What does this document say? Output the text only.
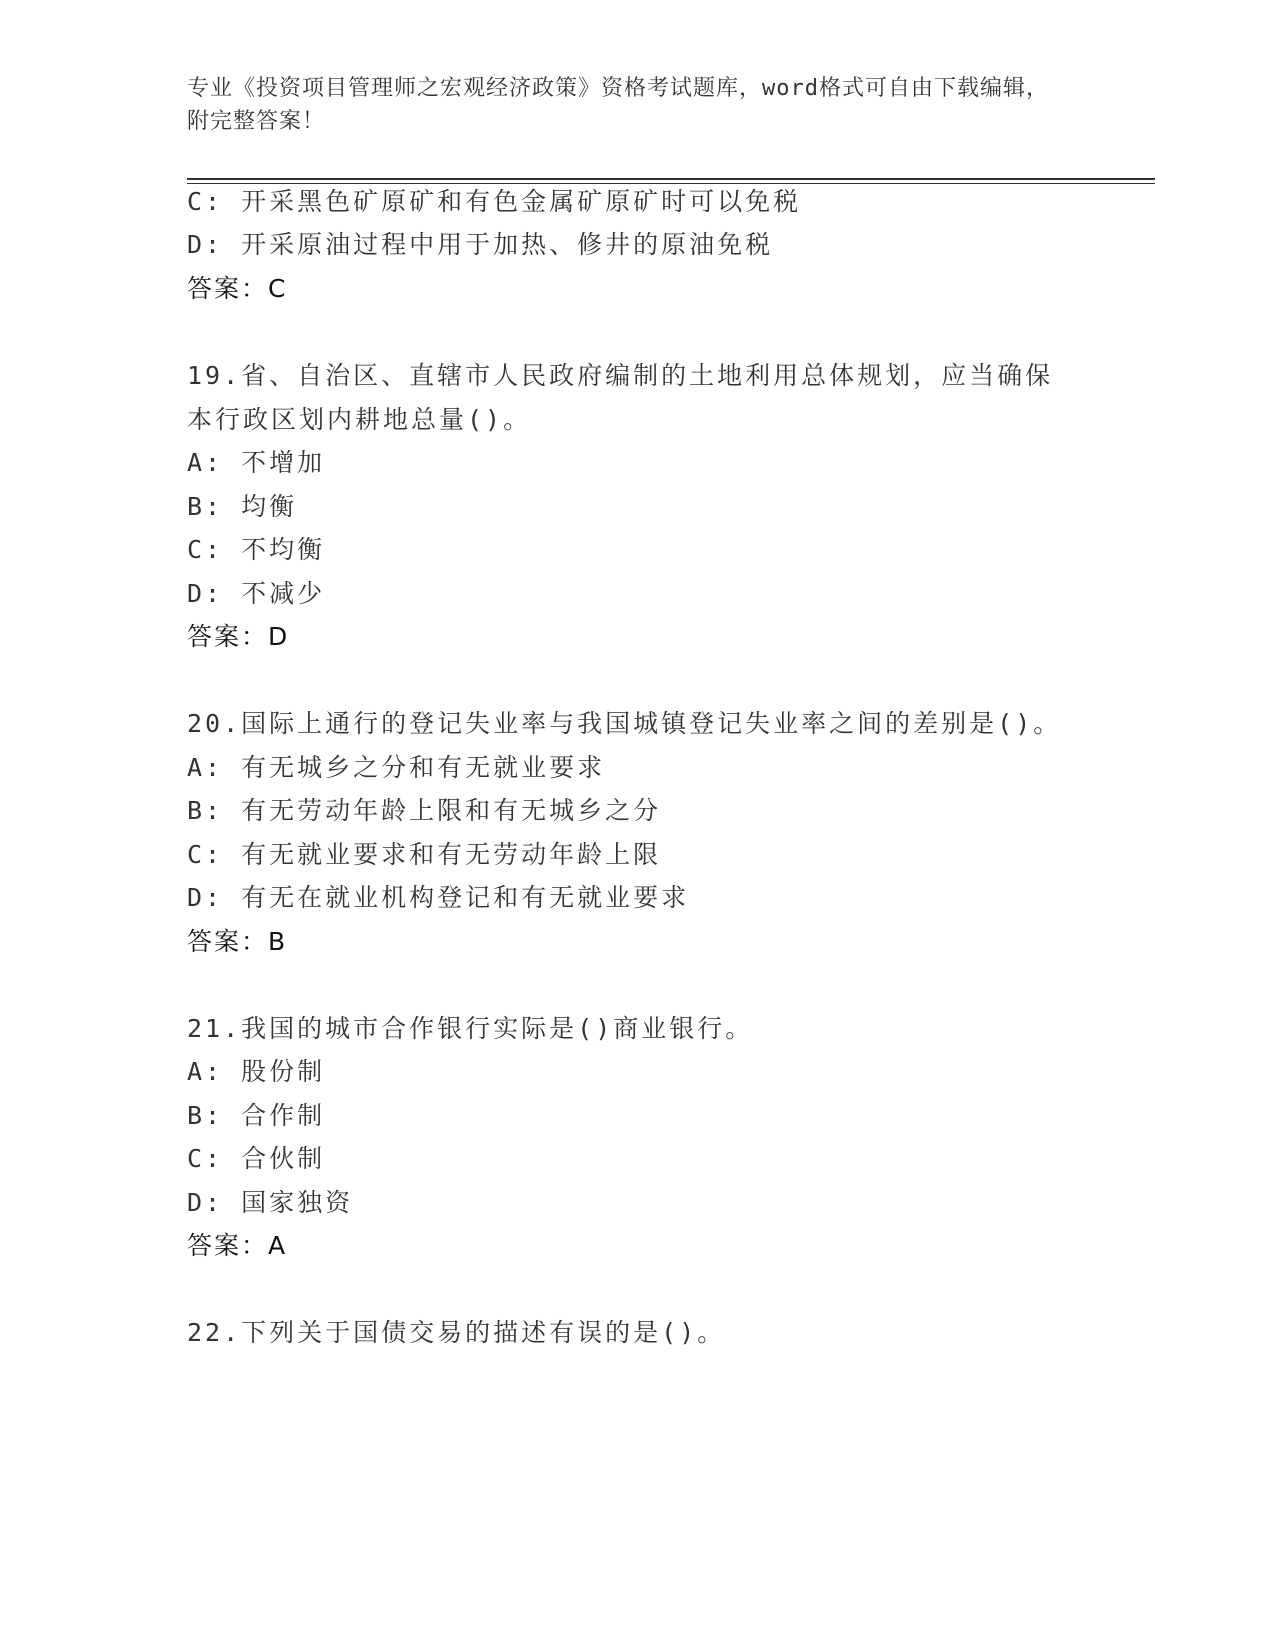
专业《投资项目管理师之宏观经济政策》资格考试题库，word格式可自由下载编辑，附完整答案！
C: 开采黑色矿原矿和有色金属矿原矿时可以免税
D: 开采原油过程中用于加热、修井的原油免税
答案：C
19.省、自治区、直辖市人民政府编制的土地利用总体规划，应当确保
本行政区划内耕地总量()。
A: 不增加
B: 均衡
C: 不均衡
D: 不减少
答案：D
20.国际上通行的登记失业率与我国城镇登记失业率之间的差别是()。
A: 有无城乡之分和有无就业要求
B: 有无劳动年龄上限和有无城乡之分
C: 有无就业要求和有无劳动年龄上限
D: 有无在就业机构登记和有无就业要求
答案：B
21.我国的城市合作银行实际是()商业银行。
A: 股份制
B: 合作制
C: 合伙制
D: 国家独资
答案：A
22.下列关于国债交易的描述有误的是()。
